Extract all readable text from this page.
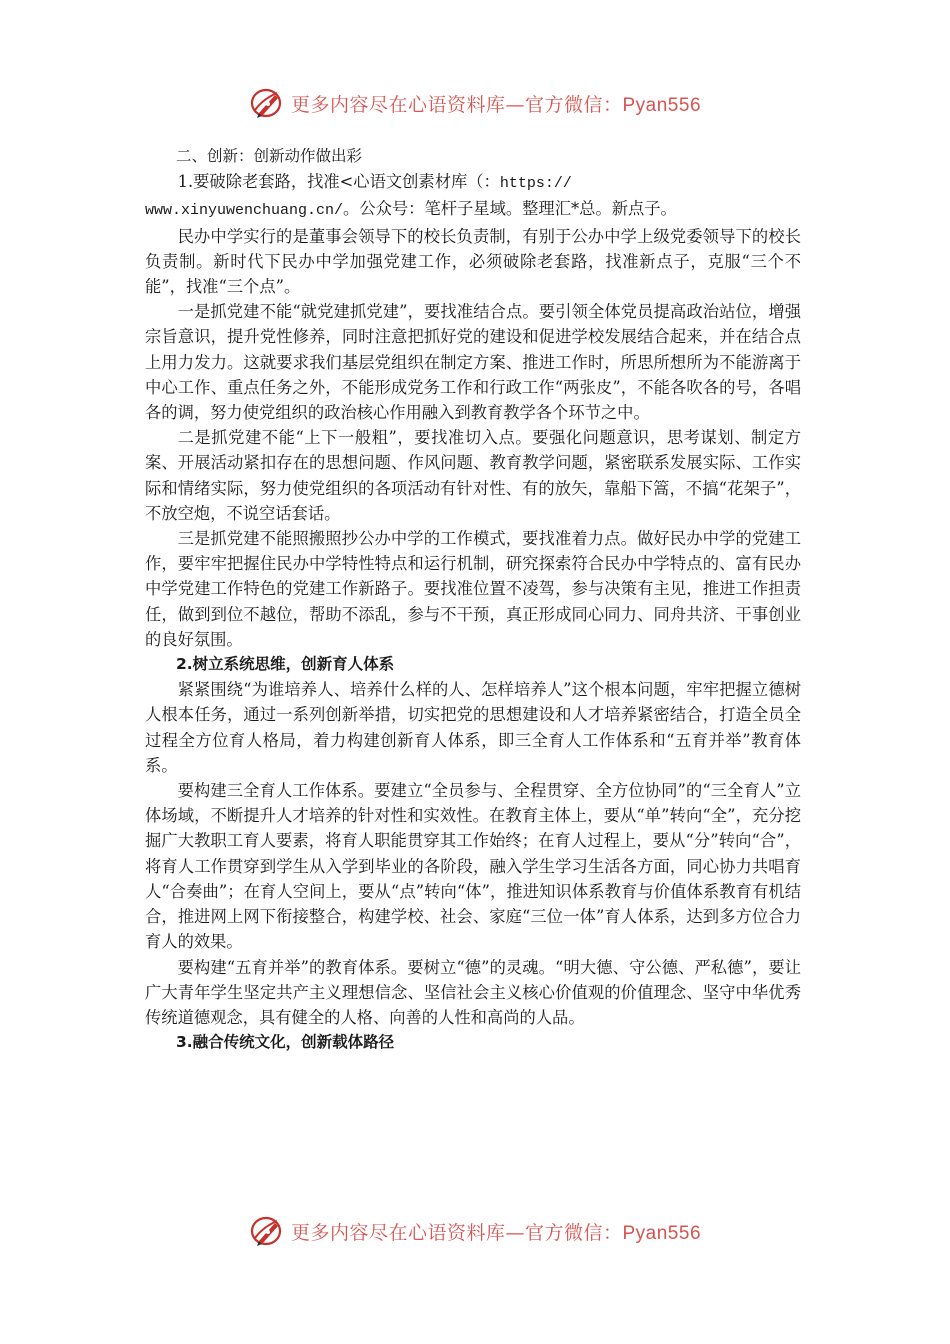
更多内容尽在心语资料库—官方微信：Pyan556

二、创新：创新动作做出彩

1.要破除老套路，找准<心语文创素材库（：https://

www.xinyuwenchuang.cn/。公众号：笔杆子星域。整理汇*总。新点子。

民办中学实行的是董事会领导下的校长负责制，有别于公办中学上级党委领导下的校长负责制。新时代下民办中学加强党建工作，必须破除老套路，找准新点子，克服“三个不能”，找准“三个点”。

一是抓党建不能“就党建抓党建”，要找准结合点。要引领全体党员提高政治站位，增强宗旨意识，提升党性修养，同时注意把抓好党的建设和促进学校发展结合起来，并在结合点上用力发力。这就要求我们基层党组织在制定方案、推进工作时，所思所想所为不能游离于中心工作、重点任务之外，不能形成党务工作和行政工作“两张皮”，不能各吹各的号，各唱各的调，努力使党组织的政治核心作用融入到教育教学各个环节之中。

二是抓党建不能“上下一般粗”，要找准切入点。要强化问题意识，思考谋划、制定方案、开展活动紧扣存在的思想问题、作风问题、教育教学问题，紧密联系发展实际、工作实际和情绪实际，努力使党组织的各项活动有针对性、有的放矢，靠船下篙，不搞“花架子”，不放空炮，不说空话套话。

三是抓党建不能照搬照抄公办中学的工作模式，要找准着力点。做好民办中学的党建工作，要牢牢把握住民办中学特性特点和运行机制，研究探索符合民办中学特点的、富有民办中学党建工作特色的党建工作新路子。要找准位置不凌驾，参与决策有主见，推进工作担责任，做到到位不越位，帮助不添乱，参与不干预，真正形成同心同力、同舟共济、干事创业的良好氛围。

2.树立系统思维，创新育人体系

紧紧围绕“为谁培养人、培养什么样的人、怎样培养人”这个根本问题，牢牢把握立德树人根本任务，通过一系列创新举措，切实把党的思想建设和人才培养紧密结合，打造全员全过程全方位育人格局，着力构建创新育人体系，即三全育人工作体系和“五育并举”教育体系。

要构建三全育人工作体系。要建立“全员参与、全程贯穿、全方位协同”的“三全育人”立体场域，不断提升人才培养的针对性和实效性。在教育主体上，要从“单”转向“全”，充分挖掘广大教职工育人要素，将育人职能贯穿其工作始终；在育人过程上，要从“分”转向“合”，将育人工作贯穿到学生从入学到毕业的各阶段，融入学生学习生活各方面，同心协力共唱育人“合奏曲”；在育人空间上，要从“点”转向“体”，推进知识体系教育与价值体系教育有机结合，推进网上网下衔接整合，构建学校、社会、家庭“三位一体”育人体系，达到多方位合力育人的效果。

要构建“五育并举”的教育体系。要树立“德”的灵魂。“明大德、守公德、严私德”，要让广大青年学生坚定共产主义理想信念、坚信社会主义核心价值观的价值理念、坚守中华优秀传统道德观念，具有健全的人格、向善的人性和高尚的人品。

3.融合传统文化，创新载体路径

更多内容尽在心语资料库—官方微信：Pyan556
